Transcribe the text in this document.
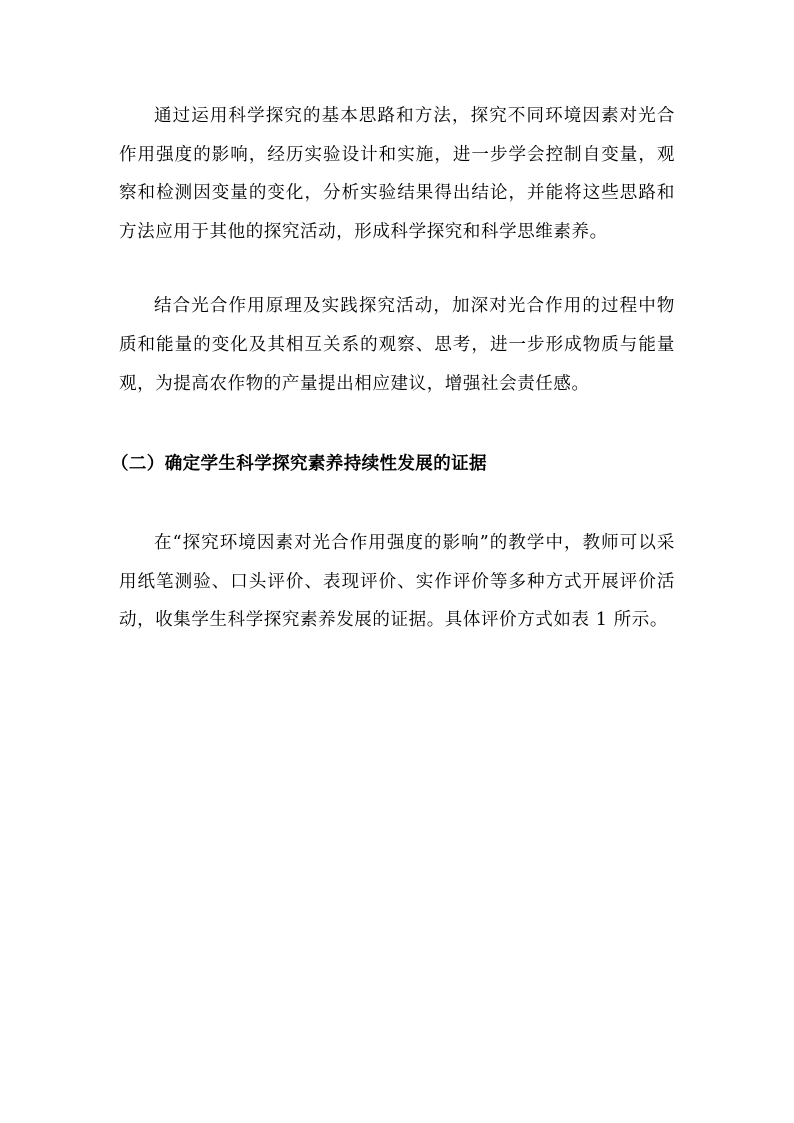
通过运用科学探究的基本思路和方法，探究不同环境因素对光合作用强度的影响，经历实验设计和实施，进一步学会控制自变量，观察和检测因变量的变化，分析实验结果得出结论，并能将这些思路和方法应用于其他的探究活动，形成科学探究和科学思维素养。

结合光合作用原理及实践探究活动，加深对光合作用的过程中物质和能量的变化及其相互关系的观察、思考，进一步形成物质与能量观，为提高农作物的产量提出相应建议，增强社会责任感。

（二）确定学生科学探究素养持续性发展的证据

在“探究环境因素对光合作用强度的影响”的教学中，教师可以采用纸笔测验、口头评价、表现评价、实作评价等多种方式开展评价活动，收集学生科学探究素养发展的证据。具体评价方式如表 1 所示。
